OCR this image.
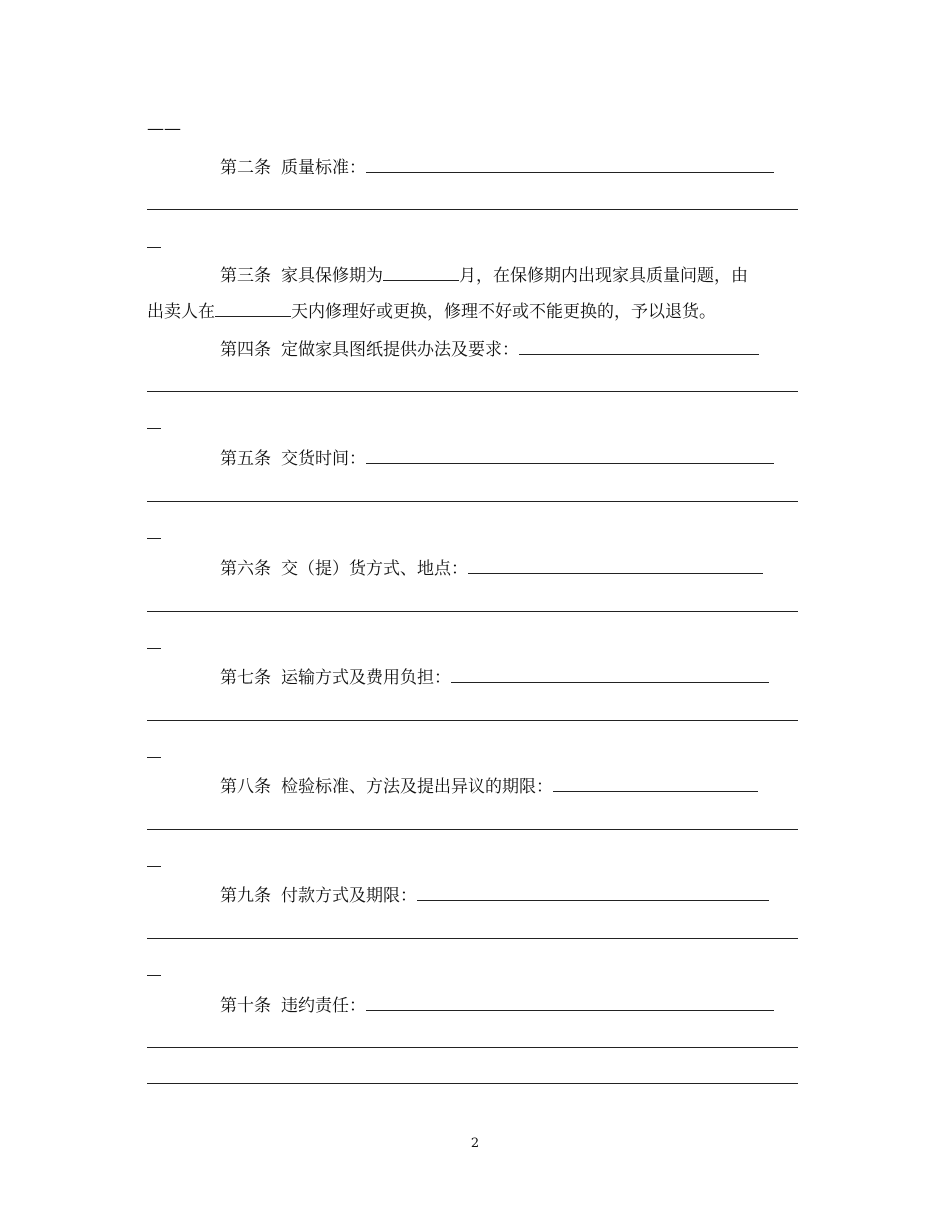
——
第二条 质量标准：
第三条 家具保修期为	月，在保修期内出现家具质量问题，由
出卖人在	天内修理好或更换，修理不好或不能更换的，予以退货。
第四条 定做家具图纸提供办法及要求：
第五条 交货时间：
第六条 交（提）货方式、地点：
第七条 运输方式及费用负担：
第八条 检验标准、方法及提出异议的期限：
第九条 付款方式及期限：
第十条 违约责任：
2
